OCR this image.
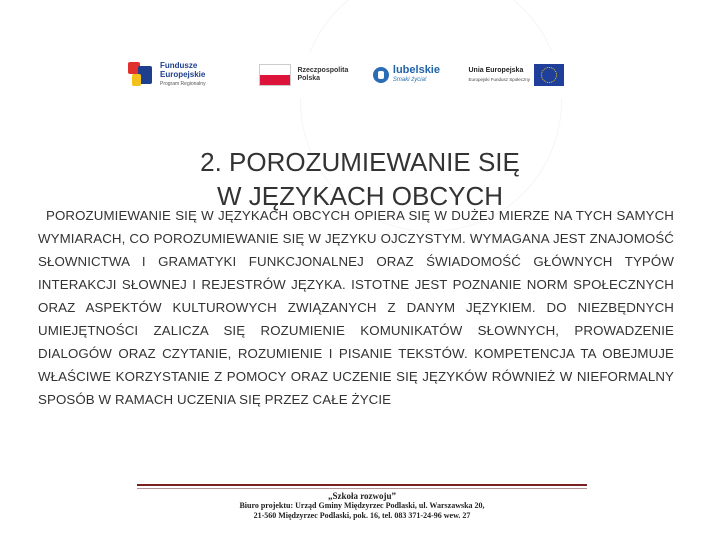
Fundusze
Europejskie
Program Regionalny
Rzeczpospolita
Polska
lubelskie
Smaki życia!
Unia Europejska
Europejski Fundusz Społeczny
2. POROZUMIEWANIE SIĘ
W JĘZYKACH OBCYCH
POROZUMIEWANIE SIĘ W JĘZYKACH OBCYCH OPIERA SIĘ W DUŻEJ MIERZE NA TYCH SAMYCH WYMIARACH, CO POROZUMIEWANIE SIĘ W JĘZYKU OJCZYSTYM. WYMAGANA JEST ZNAJOMOŚĆ SŁOWNICTWA I GRAMATYKI FUNKCJONALNEJ ORAZ ŚWIADOMOŚĆ GŁÓWNYCH TYPÓW INTERAKCJI SŁOWNEJ I REJESTRÓW JĘZYKA. ISTOTNE JEST POZNANIE NORM SPOŁECZNYCH ORAZ ASPEKTÓW KULTUROWYCH ZWIĄZANYCH Z DANYM JĘZYKIEM. DO NIEZBĘDNYCH UMIEJĘTNOŚCI ZALICZA SIĘ ROZUMIENIE KOMUNIKATÓW SŁOWNYCH, PROWADZENIE DIALOGÓW ORAZ CZYTANIE, ROZUMIENIE I PISANIE TEKSTÓW. KOMPETENCJA TA OBEJMUJE WŁAŚCIWE KORZYSTANIE Z POMOCY ORAZ UCZENIE SIĘ JĘZYKÓW RÓWNIEŻ W NIEFORMALNY SPOSÓB W RAMACH UCZENIA SIĘ PRZEZ CAŁE ŻYCIE
„Szkoła rozwoju”
Biuro projektu: Urząd Gminy Międzyrzec Podlaski, ul. Warszawska 20,
21-560 Międzyrzec Podlaski, pok. 16, tel. 083 371-24-96 wew. 27
